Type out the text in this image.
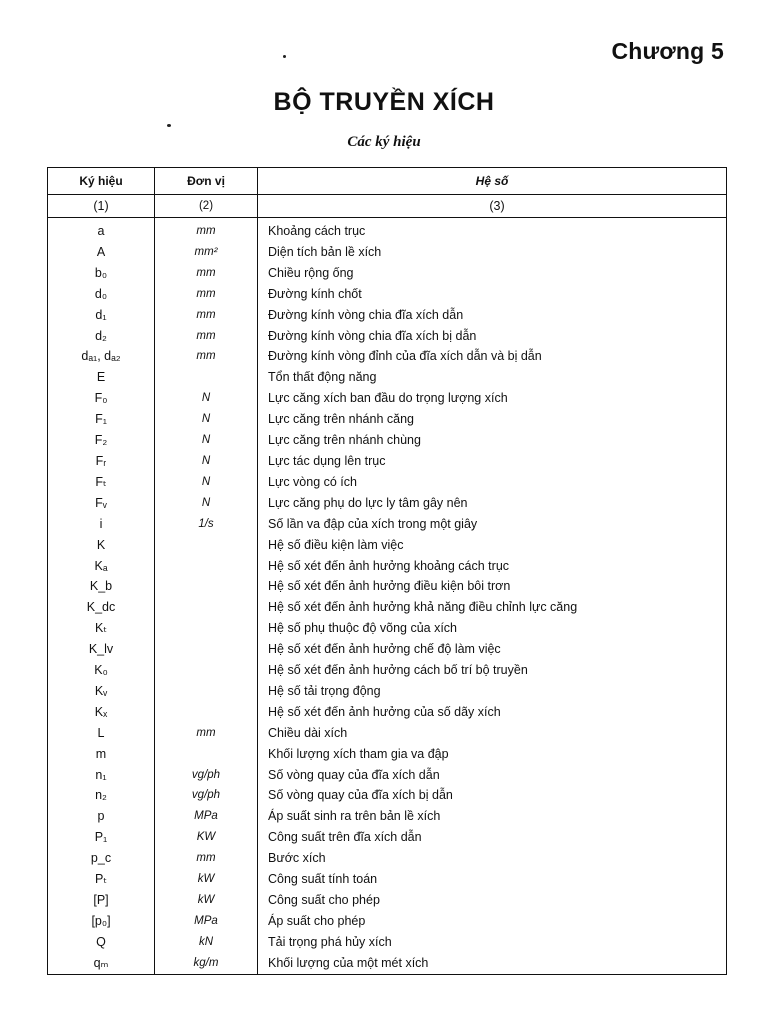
Chương 5
BỘ TRUYỀN XÍCH
Các ký hiệu
Ký hiệu	Đơn vị	Hệ số
(1)	(2)	(3)
a	mm	Khoảng cách trục
A	mm²	Diện tích bản lề xích
b₀	mm	Chiều rộng ống
d₀	mm	Đường kính chốt
d₁	mm	Đường kính vòng chia đĩa xích dẫn
d₂	mm	Đường kính vòng chia đĩa xích bị dẫn
dₐ₁, dₐ₂	mm	Đường kính vòng đỉnh của đĩa xích dẫn và bị dẫn
E		Tổn thất động năng
F₀	N	Lực căng xích ban đầu do trọng lượng xích
F₁	N	Lực căng trên nhánh căng
F₂	N	Lực căng trên nhánh chùng
Fᵣ	N	Lực tác dụng lên trục
Fₜ	N	Lực vòng có ích
Fᵥ	N	Lực căng phụ do lực ly tâm gây nên
i	1/s	Số lần va đập của xích trong một giây
K		Hệ số điều kiện làm việc
Kₐ		Hệ số xét đến ảnh hưởng khoảng cách trục
K_b		Hệ số xét đến ảnh hưởng điều kiện bôi trơn
K_dc		Hệ số xét đến ảnh hưởng khả năng điều chỉnh lực căng
Kₜ		Hệ số phụ thuộc độ võng của xích
K_lv		Hệ số xét đến ảnh hưởng chế độ làm việc
K₀		Hệ số xét đến ảnh hưởng cách bố trí bộ truyền
Kᵥ		Hệ số tải trọng động
Kₓ		Hệ số xét đến ảnh hưởng của số dãy xích
L	mm	Chiều dài xích
m		Khối lượng xích tham gia va đập
n₁	vg/ph	Số vòng quay của đĩa xích dẫn
n₂	vg/ph	Số vòng quay của đĩa xích bị dẫn
p	MPa	Áp suất sinh ra trên bản lề xích
P₁	KW	Công suất trên đĩa xích dẫn
p_c	mm	Bước xích
Pₜ	kW	Công suất tính toán
[P]	kW	Công suất cho phép
[p₀]	MPa	Áp suất cho phép
Q	kN	Tải trọng phá hủy xích
qₘ	kg/m	Khối lượng của một mét xích
